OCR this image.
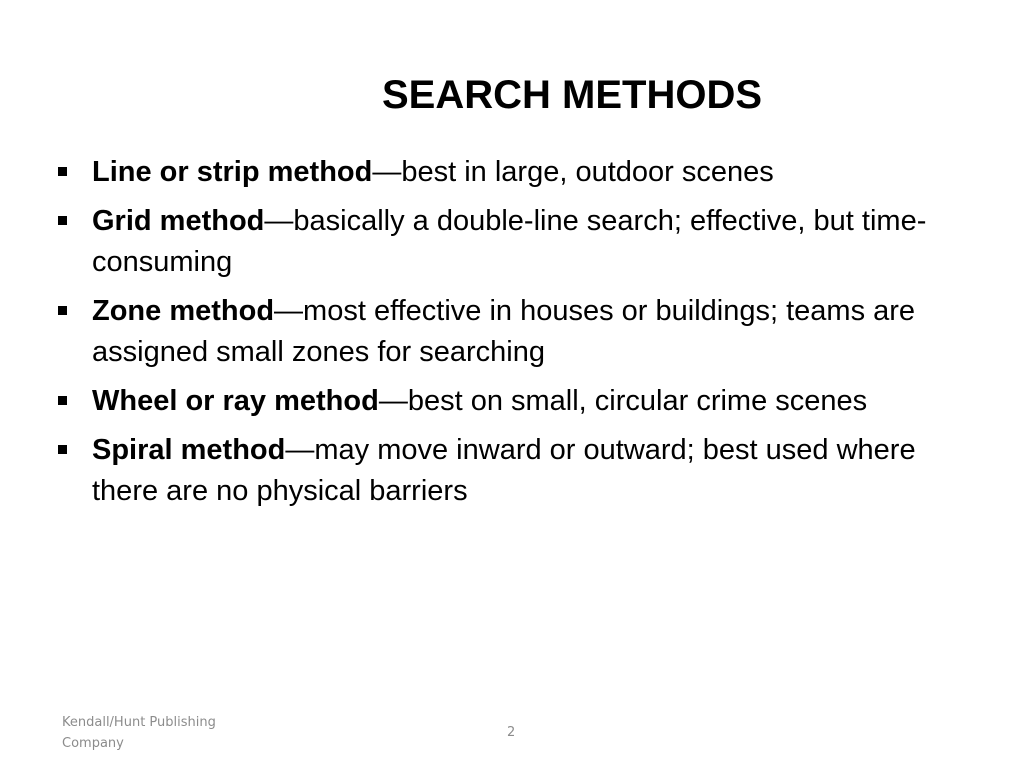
SEARCH METHODS
Line or strip method—best in large, outdoor scenes
Grid method—basically a double-line search; effective, but time-consuming
Zone method—most effective in houses or buildings; teams are assigned small zones for searching
Wheel or ray method—best on small, circular crime scenes
Spiral method—may move inward or outward; best used where there are no physical barriers
Kendall/Hunt Publishing Company
2
